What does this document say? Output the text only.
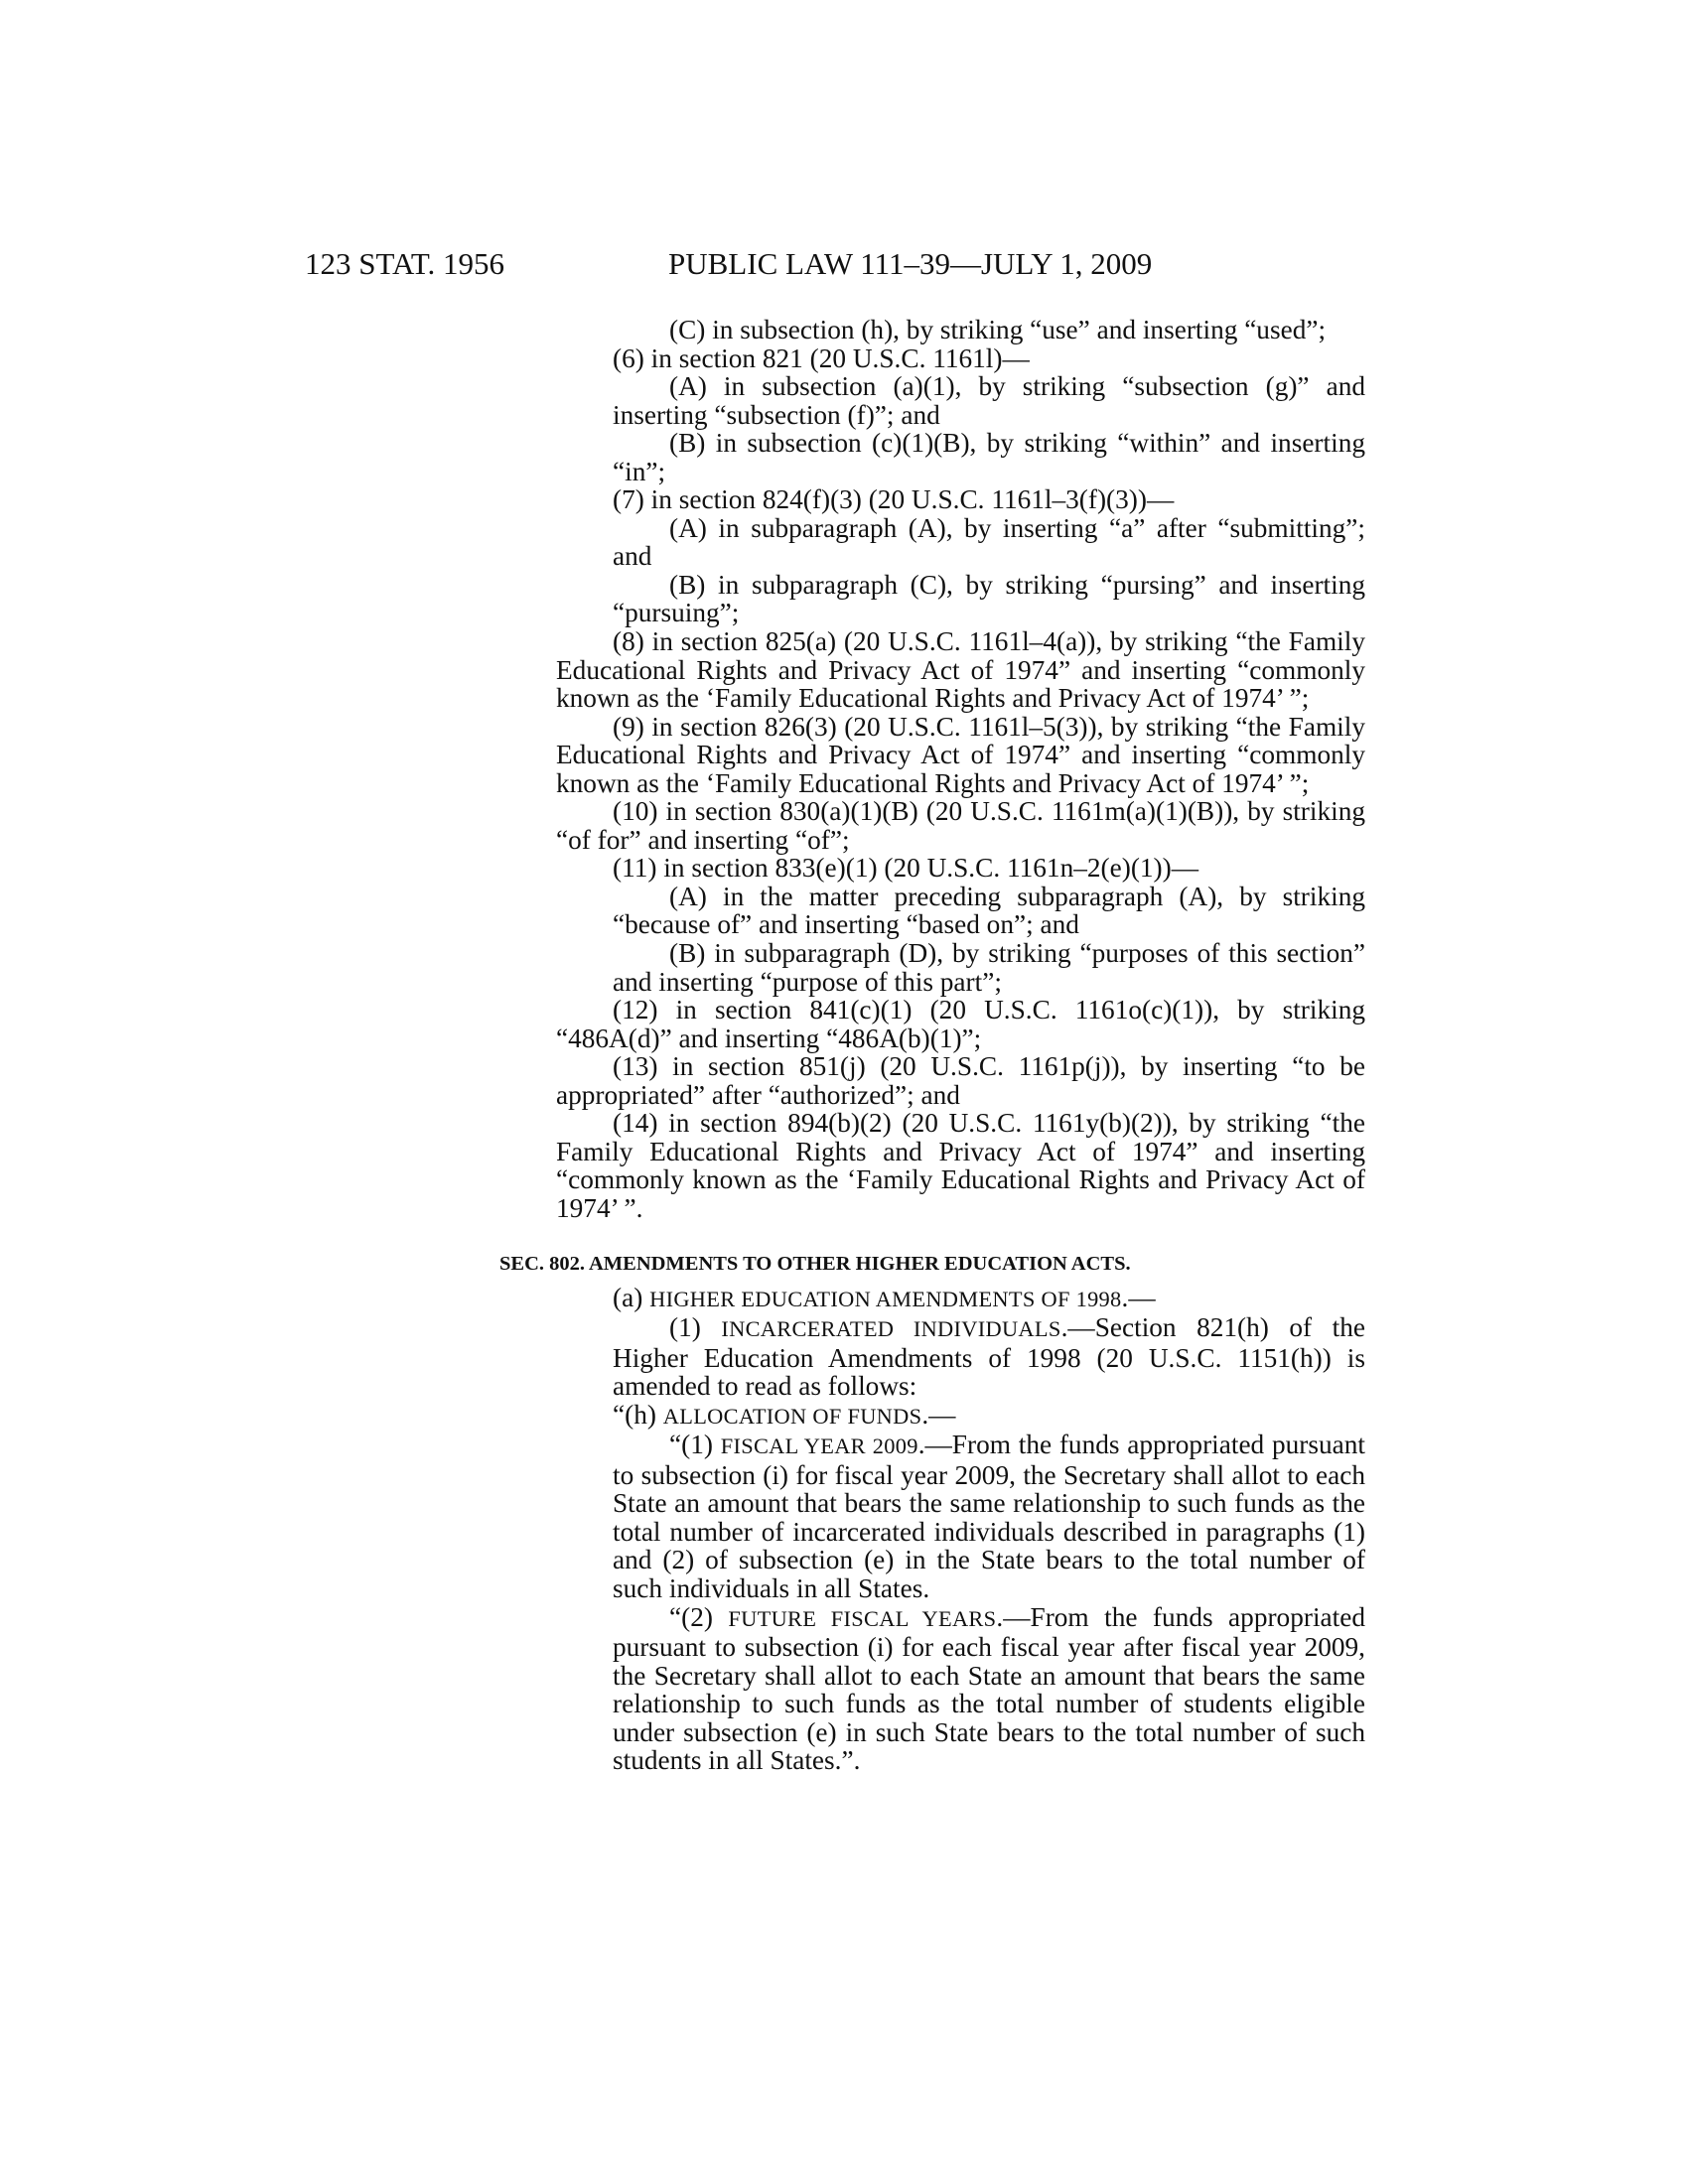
123 STAT. 1956	PUBLIC LAW 111–39—JULY 1, 2009

(C) in subsection (h), by striking “use” and inserting “used”;

(6) in section 821 (20 U.S.C. 1161l)—

(A) in subsection (a)(1), by striking “subsection (g)” and inserting “subsection (f)”; and

(B) in subsection (c)(1)(B), by striking “within” and inserting “in”;

(7) in section 824(f)(3) (20 U.S.C. 1161l–3(f)(3))—

(A) in subparagraph (A), by inserting “a” after “submitting”; and

(B) in subparagraph (C), by striking “pursing” and inserting “pursuing”;

(8) in section 825(a) (20 U.S.C. 1161l–4(a)), by striking “the Family Educational Rights and Privacy Act of 1974” and inserting “commonly known as the ‘Family Educational Rights and Privacy Act of 1974’ ”;

(9) in section 826(3) (20 U.S.C. 1161l–5(3)), by striking “the Family Educational Rights and Privacy Act of 1974” and inserting “commonly known as the ‘Family Educational Rights and Privacy Act of 1974’ ”;

(10) in section 830(a)(1)(B) (20 U.S.C. 1161m(a)(1)(B)), by striking “of for” and inserting “of”;

(11) in section 833(e)(1) (20 U.S.C. 1161n–2(e)(1))—

(A) in the matter preceding subparagraph (A), by striking “because of” and inserting “based on”; and

(B) in subparagraph (D), by striking “purposes of this section” and inserting “purpose of this part”;

(12) in section 841(c)(1) (20 U.S.C. 1161o(c)(1)), by striking “486A(d)” and inserting “486A(b)(1)”;

(13) in section 851(j) (20 U.S.C. 1161p(j)), by inserting “to be appropriated” after “authorized”; and

(14) in section 894(b)(2) (20 U.S.C. 1161y(b)(2)), by striking “the Family Educational Rights and Privacy Act of 1974” and inserting “commonly known as the ‘Family Educational Rights and Privacy Act of 1974’ ”.

SEC. 802. AMENDMENTS TO OTHER HIGHER EDUCATION ACTS.

(a) HIGHER EDUCATION AMENDMENTS OF 1998.—

(1) INCARCERATED INDIVIDUALS.—Section 821(h) of the Higher Education Amendments of 1998 (20 U.S.C. 1151(h)) is amended to read as follows:

“(h) ALLOCATION OF FUNDS.—

“(1) FISCAL YEAR 2009.—From the funds appropriated pursuant to subsection (i) for fiscal year 2009, the Secretary shall allot to each State an amount that bears the same relationship to such funds as the total number of incarcerated individuals described in paragraphs (1) and (2) of subsection (e) in the State bears to the total number of such individuals in all States.

“(2) FUTURE FISCAL YEARS.—From the funds appropriated pursuant to subsection (i) for each fiscal year after fiscal year 2009, the Secretary shall allot to each State an amount that bears the same relationship to such funds as the total number of students eligible under subsection (e) in such State bears to the total number of such students in all States.”.
